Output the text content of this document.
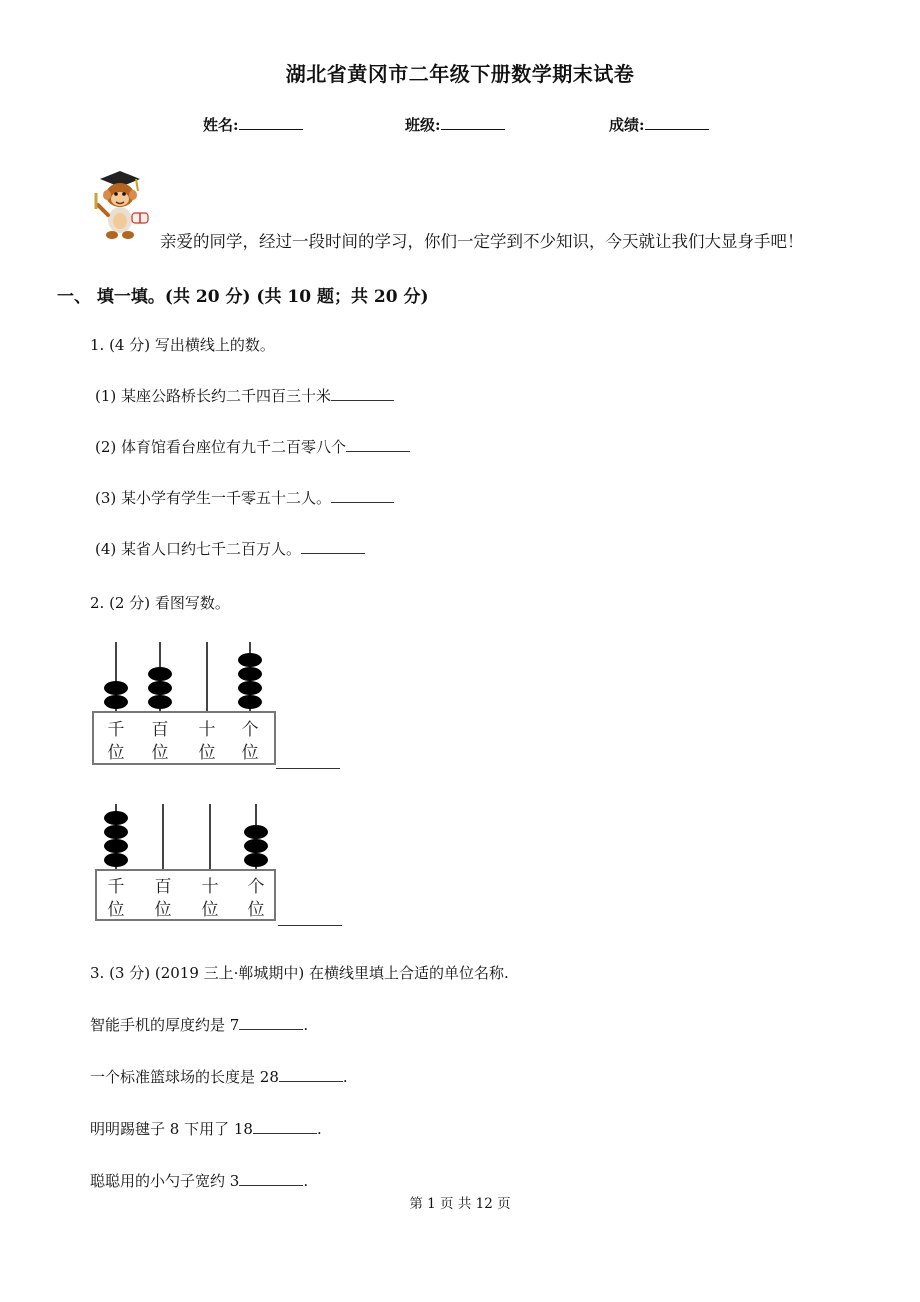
湖北省黄冈市二年级下册数学期末试卷
姓名:	班级:	成绩:
亲爱的同学，经过一段时间的学习，你们一定学到不少知识，今天就让我们大显身手吧！
一、 填一填。(共 20 分) (共 10 题；共 20 分)
1. (4 分) 写出横线上的数。
(1) 某座公路桥长约二千四百三十米
(2) 体育馆看台座位有九千二百零八个
(3) 某小学有学生一千零五十二人。
(4) 某省人口约七千二百万人。
2. (2 分) 看图写数。
千 百 十 个
位 位 位 位
千 百 十 个
位 位 位 位
3. (3 分) (2019 三上·郸城期中) 在横线里填上合适的单位名称.
智能手机的厚度约是 7	.
一个标准篮球场的长度是 28	.
明明踢毽子 8 下用了 18	.
聪聪用的小勺子宽约 3	.
第 1 页 共 12 页
